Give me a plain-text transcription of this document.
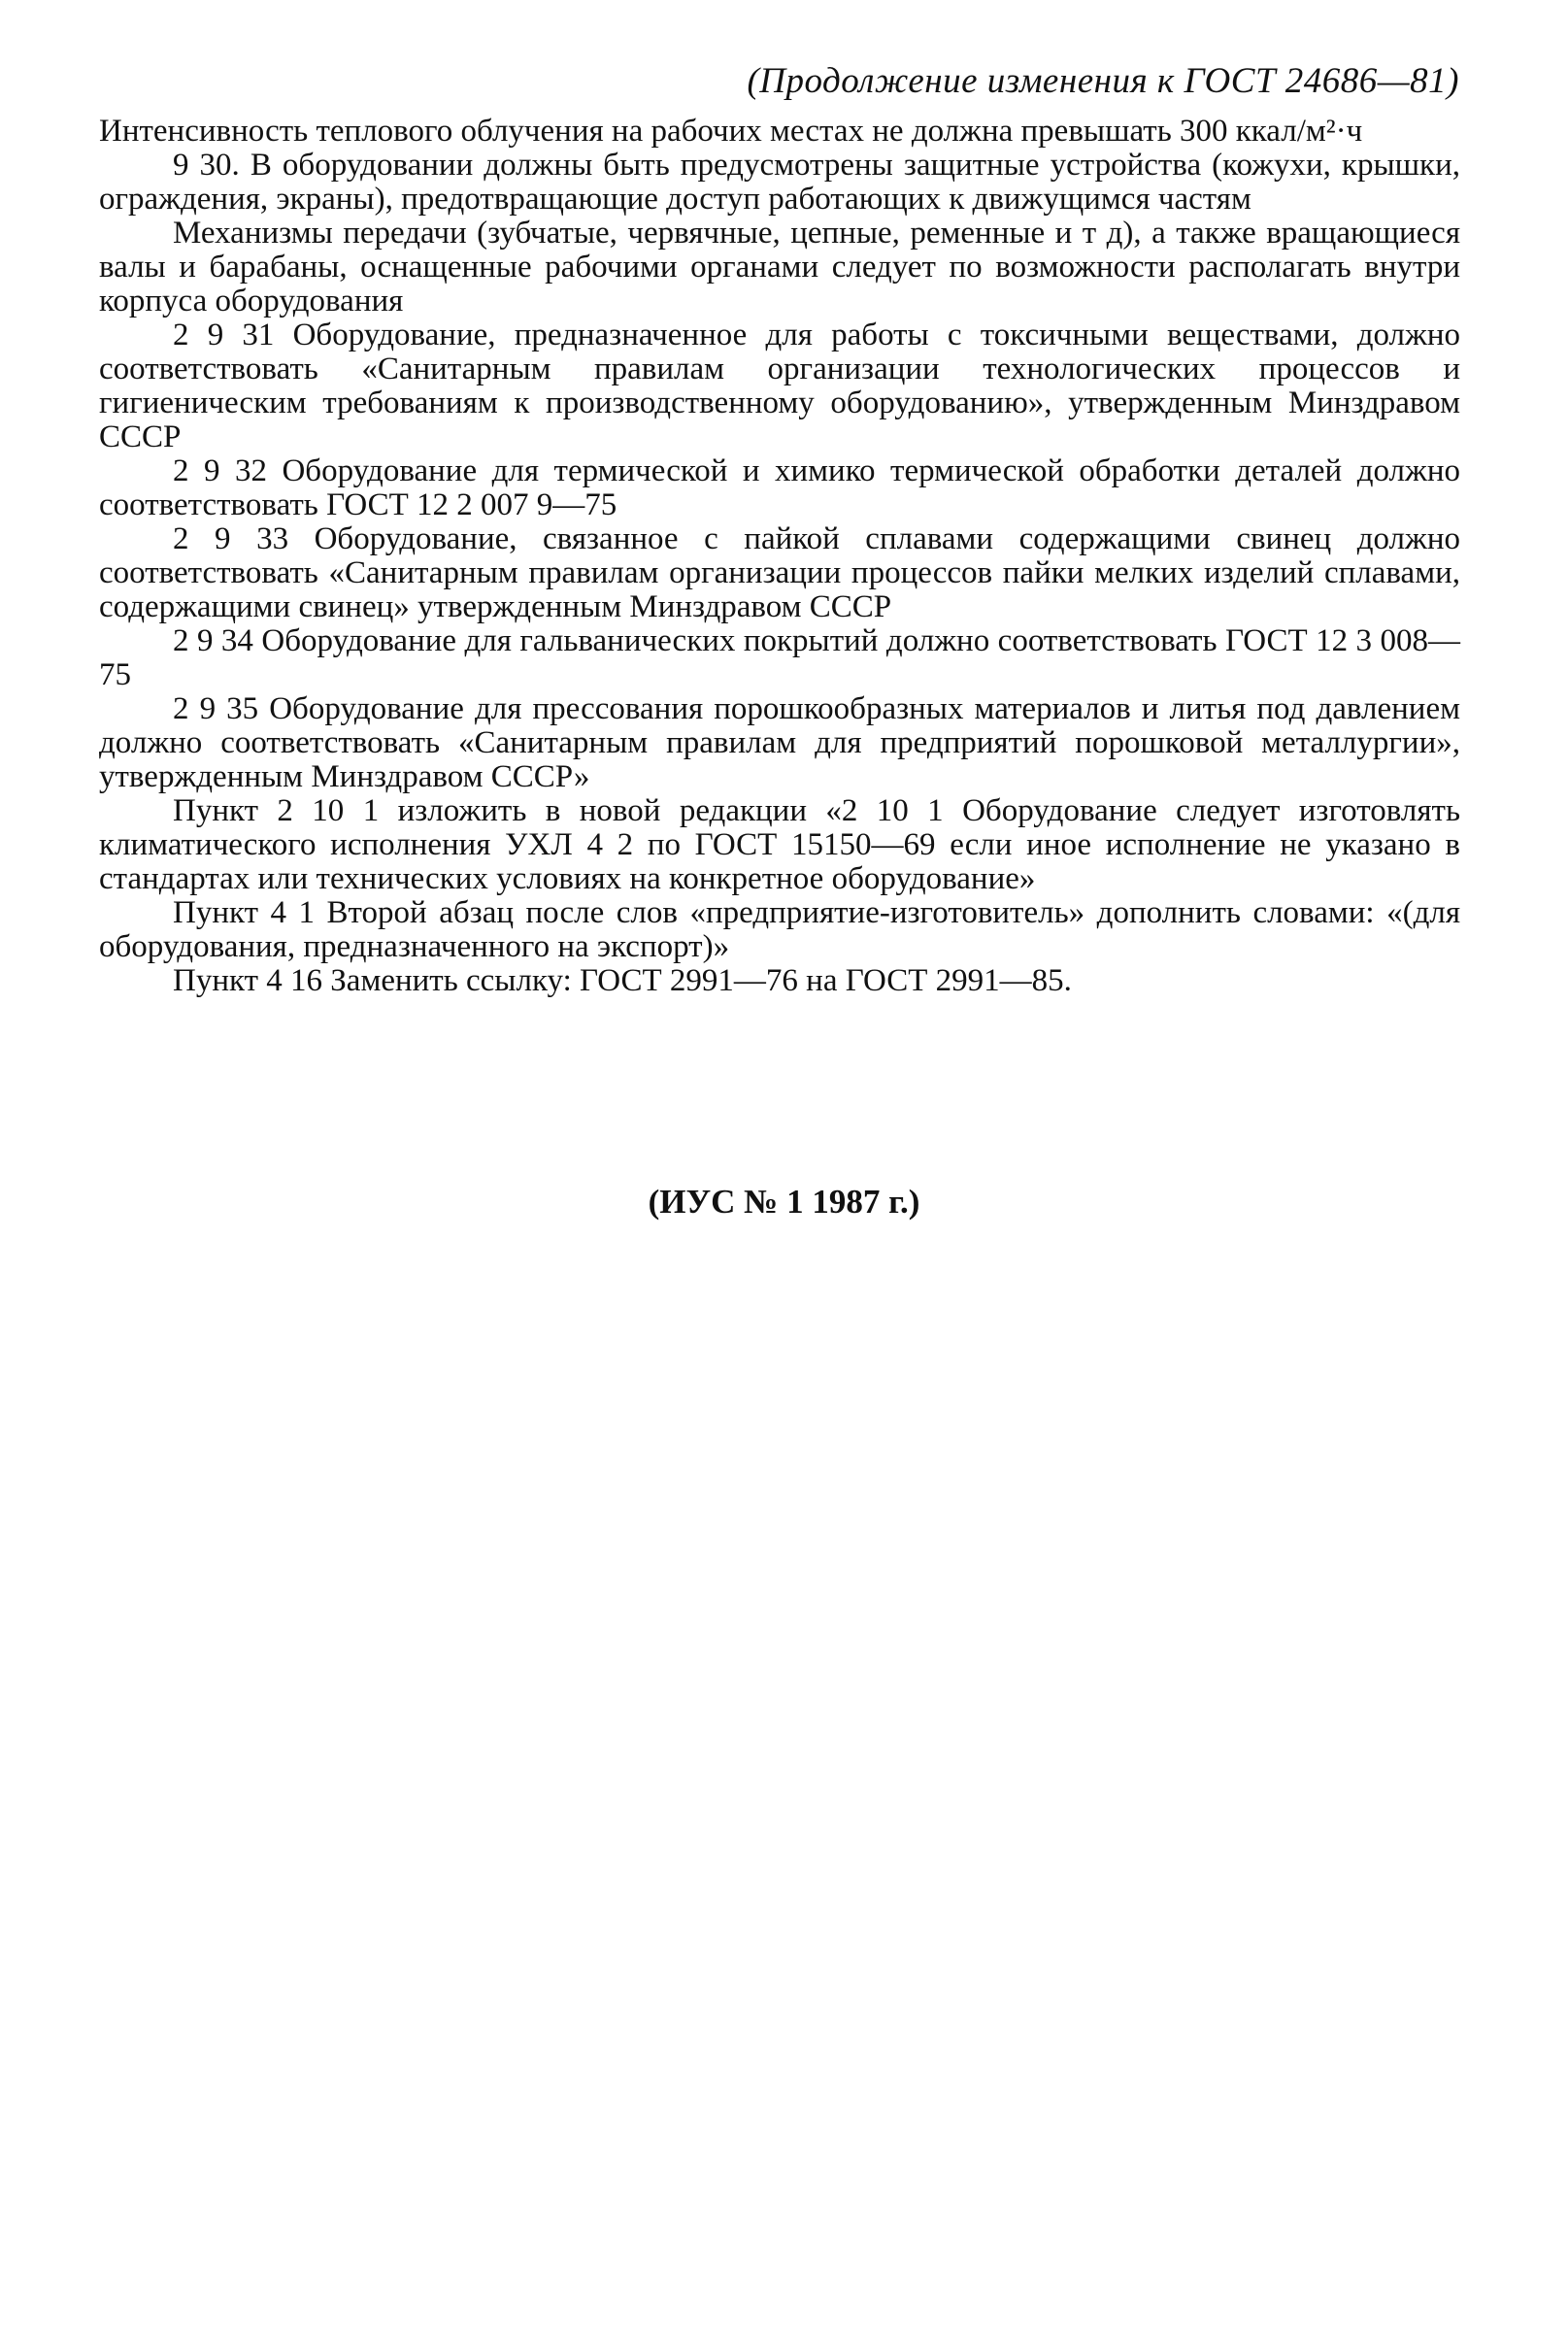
(Продолжение изменения к ГОСТ 24686—81)

Интенсивность теплового облучения на рабочих местах не должна превышать 300 ккал/м²·ч

9 30. В оборудовании должны быть предусмотрены защитные устройства (кожухи, крышки, ограждения, экраны), предотвращающие доступ работающих к движущимся частям

Механизмы передачи (зубчатые, червячные, цепные, ременные и т д), а также вращающиеся валы и барабаны, оснащенные рабочими органами следует по возможности располагать внутри корпуса оборудования

2 9 31 Оборудование, предназначенное для работы с токсичными веществами, должно соответствовать «Санитарным правилам организации технологических процессов и гигиеническим требованиям к производственному оборудованию», утвержденным Минздравом СССР

2 9 32 Оборудование для термической и химико термической обработки деталей должно соответствовать ГОСТ 12 2 007 9—75

2 9 33 Оборудование, связанное с пайкой сплавами содержащими свинец должно соответствовать «Санитарным правилам организации процессов пайки мелких изделий сплавами, содержащими свинец» утвержденным Минздравом СССР

2 9 34 Оборудование для гальванических покрытий должно соответствовать ГОСТ 12 3 008—75

2 9 35 Оборудование для прессования порошкообразных материалов и литья под давлением должно соответствовать «Санитарным правилам для предприятий порошковой металлургии», утвержденным Минздравом СССР»

Пункт 2 10 1 изложить в новой редакции «2 10 1 Оборудование следует изготовлять климатического исполнения УХЛ 4 2 по ГОСТ 15150—69 если иное исполнение не указано в стандартах или технических условиях на конкретное оборудование»

Пункт 4 1 Второй абзац после слов «предприятие-изготовитель» дополнить словами: «(для оборудования, предназначенного на экспорт)»

Пункт 4 16 Заменить ссылку: ГОСТ 2991—76 на ГОСТ 2991—85.

(ИУС № 1 1987 г.)
